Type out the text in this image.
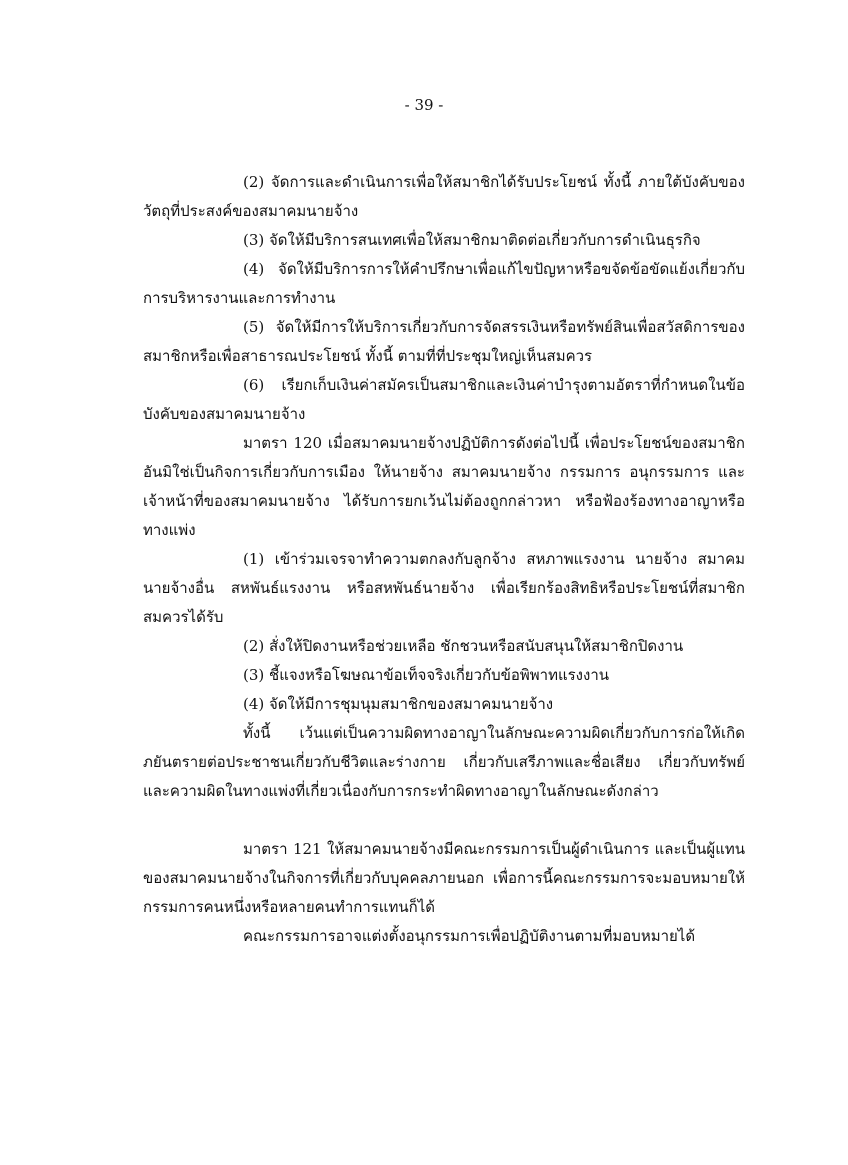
- 39 -

(2) จัดการและดำเนินการเพื่อให้สมาชิกได้รับประโยชน์ ทั้งนี้ ภายใต้บังคับของวัตถุที่ประสงค์ของสมาคมนายจ้าง

(3) จัดให้มีบริการสนเทศเพื่อให้สมาชิกมาติดต่อเกี่ยวกับการดำเนินธุรกิจ

(4) จัดให้มีบริการการให้คำปรึกษาเพื่อแก้ไขปัญหาหรือขจัดข้อขัดแย้งเกี่ยวกับการบริหารงานและการทำงาน

(5) จัดให้มีการให้บริการเกี่ยวกับการจัดสรรเงินหรือทรัพย์สินเพื่อสวัสดิการของสมาชิกหรือเพื่อสาธารณประโยชน์ ทั้งนี้ ตามที่ที่ประชุมใหญ่เห็นสมควร

(6) เรียกเก็บเงินค่าสมัครเป็นสมาชิกและเงินค่าบำรุงตามอัตราที่กำหนดในข้อบังคับของสมาคมนายจ้าง

มาตรา 120 เมื่อสมาคมนายจ้างปฏิบัติการดังต่อไปนี้ เพื่อประโยชน์ของสมาชิกอันมิใช่เป็นกิจการเกี่ยวกับการเมือง ให้นายจ้าง สมาคมนายจ้าง กรรมการ อนุกรรมการ และเจ้าหน้าที่ของสมาคมนายจ้าง ได้รับการยกเว้นไม่ต้องถูกกล่าวหา หรือฟ้องร้องทางอาญาหรือทางแพ่ง

(1) เข้าร่วมเจรจาทำความตกลงกับลูกจ้าง สหภาพแรงงาน นายจ้าง สมาคมนายจ้างอื่น สหพันธ์แรงงาน หรือสหพันธ์นายจ้าง เพื่อเรียกร้องสิทธิหรือประโยชน์ที่สมาชิกสมควรได้รับ

(2) สั่งให้ปิดงานหรือช่วยเหลือ ชักชวนหรือสนับสนุนให้สมาชิกปิดงาน

(3) ชี้แจงหรือโฆษณาข้อเท็จจริงเกี่ยวกับข้อพิพาทแรงงาน

(4) จัดให้มีการชุมนุมสมาชิกของสมาคมนายจ้าง

ทั้งนี้ เว้นแต่เป็นความผิดทางอาญาในลักษณะความผิดเกี่ยวกับการก่อให้เกิดภยันตรายต่อประชาชนเกี่ยวกับชีวิตและร่างกาย เกี่ยวกับเสรีภาพและชื่อเสียง เกี่ยวกับทรัพย์และความผิดในทางแพ่งที่เกี่ยวเนื่องกับการกระทำผิดทางอาญาในลักษณะดังกล่าว

มาตรา 121 ให้สมาคมนายจ้างมีคณะกรรมการเป็นผู้ดำเนินการ และเป็นผู้แทนของสมาคมนายจ้างในกิจการที่เกี่ยวกับบุคคลภายนอก เพื่อการนี้คณะกรรมการจะมอบหมายให้กรรมการคนหนึ่งหรือหลายคนทำการแทนก็ได้

คณะกรรมการอาจแต่งตั้งอนุกรรมการเพื่อปฏิบัติงานตามที่มอบหมายได้
